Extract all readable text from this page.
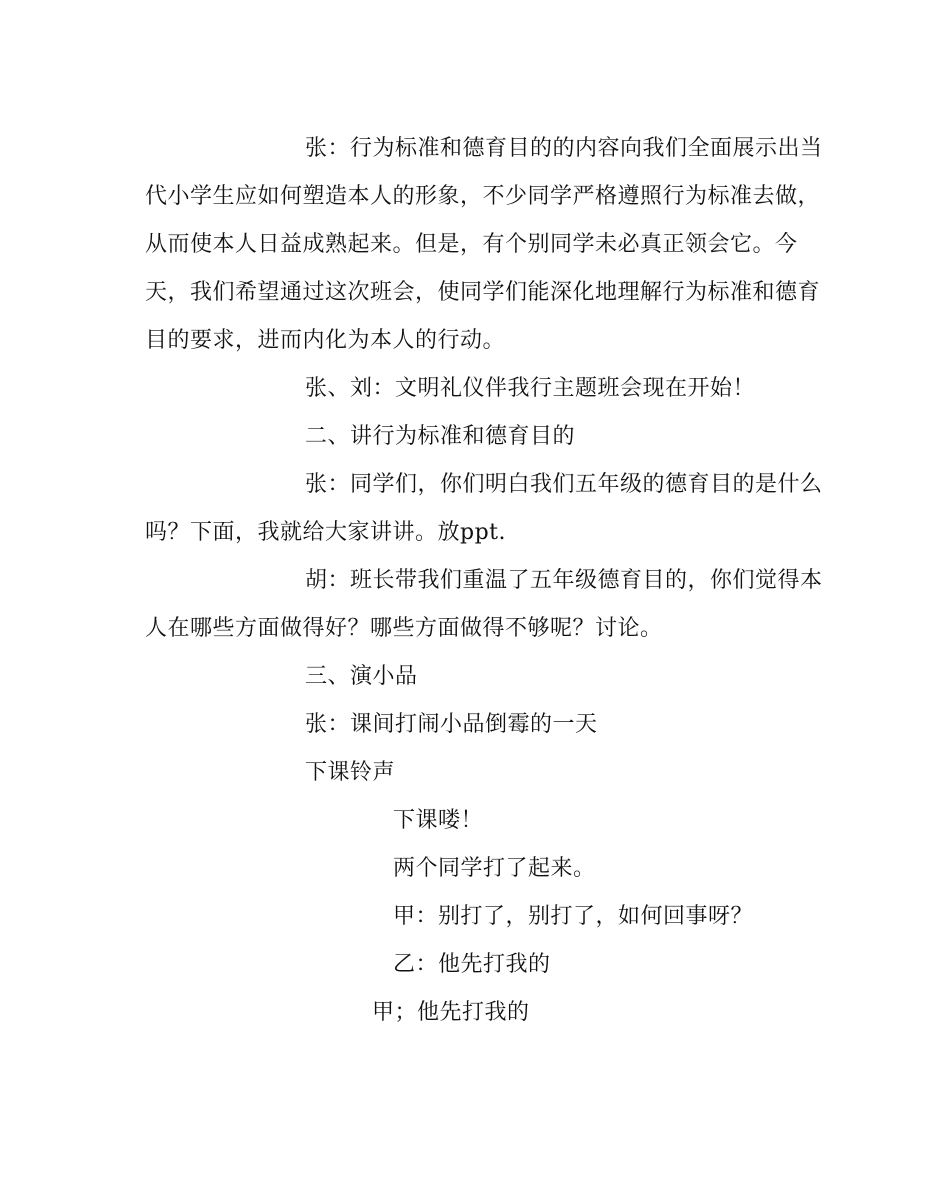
张：行为标准和德育目的的内容向我们全面展示出当
代小学生应如何塑造本人的形象，不少同学严格遵照行为标准去做，
从而使本人日益成熟起来。但是，有个别同学未必真正领会它。今
天，我们希望通过这次班会，使同学们能深化地理解行为标准和德育
目的要求，进而内化为本人的行动。
张、刘：文明礼仪伴我行主题班会现在开始！
二、讲行为标准和德育目的
张：同学们，你们明白我们五年级的德育目的是什么
吗？下面，我就给大家讲讲。放ppt.
胡：班长带我们重温了五年级德育目的，你们觉得本
人在哪些方面做得好？哪些方面做得不够呢？讨论。
三、演小品
张：课间打闹小品倒霉的一天
下课铃声
下课喽！
两个同学打了起来。
甲：别打了，别打了，如何回事呀？
乙：他先打我的
甲；他先打我的
